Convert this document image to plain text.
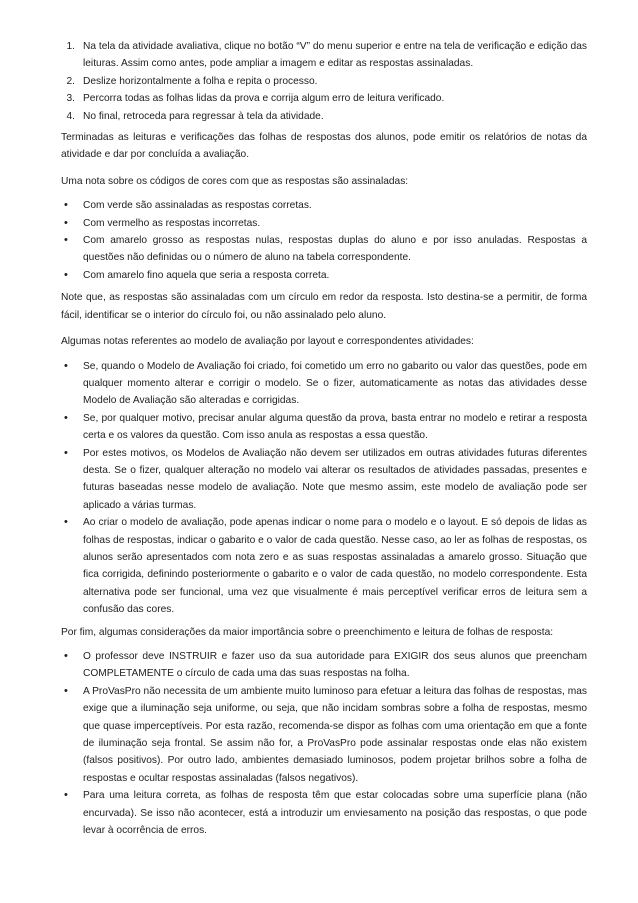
1. Na tela da atividade avaliativa, clique no botão “V” do menu superior e entre na tela de verificação e edição das leituras. Assim como antes, pode ampliar a imagem e editar as respostas assinaladas.
2. Deslize horizontalmente a folha e repita o processo.
3. Percorra todas as folhas lidas da prova e corrija algum erro de leitura verificado.
4. No final, retroceda para regressar à tela da atividade.

Terminadas as leituras e verificações das folhas de respostas dos alunos, pode emitir os relatórios de notas da atividade e dar por concluída a avaliação.

Uma nota sobre os códigos de cores com que as respostas são assinaladas:

• Com verde são assinaladas as respostas corretas.
• Com vermelho as respostas incorretas.
• Com amarelo grosso as respostas nulas, respostas duplas do aluno e por isso anuladas. Respostas a questões não definidas ou o número de aluno na tabela correspondente.
• Com amarelo fino aquela que seria a resposta correta.

Note que, as respostas são assinaladas com um círculo em redor da resposta. Isto destina-se a permitir, de forma fácil, identificar se o interior do círculo foi, ou não assinalado pelo aluno.

Algumas notas referentes ao modelo de avaliação por layout e correspondentes atividades:

• Se, quando o Modelo de Avaliação foi criado, foi cometido um erro no gabarito ou valor das questões, pode em qualquer momento alterar e corrigir o modelo. Se o fizer, automaticamente as notas das atividades desse Modelo de Avaliação são alteradas e corrigidas.
• Se, por qualquer motivo, precisar anular alguma questão da prova, basta entrar no modelo e retirar a resposta certa e os valores da questão. Com isso anula as respostas a essa questão.
• Por estes motivos, os Modelos de Avaliação não devem ser utilizados em outras atividades futuras diferentes desta. Se o fizer, qualquer alteração no modelo vai alterar os resultados de atividades passadas, presentes e futuras baseadas nesse modelo de avaliação. Note que mesmo assim, este modelo de avaliação pode ser aplicado a várias turmas.
• Ao criar o modelo de avaliação, pode apenas indicar o nome para o modelo e o layout. E só depois de lidas as folhas de respostas, indicar o gabarito e o valor de cada questão. Nesse caso, ao ler as folhas de respostas, os alunos serão apresentados com nota zero e as suas respostas assinaladas a amarelo grosso. Situação que fica corrigida, definindo posteriormente o gabarito e o valor de cada questão, no modelo correspondente. Esta alternativa pode ser funcional, uma vez que visualmente é mais perceptível verificar erros de leitura sem a confusão das cores.

Por fim, algumas considerações da maior importância sobre o preenchimento e leitura de folhas de resposta:

• O professor deve INSTRUIR e fazer uso da sua autoridade para EXIGIR dos seus alunos que preencham COMPLETAMENTE o círculo de cada uma das suas respostas na folha.
• A ProVasPro não necessita de um ambiente muito luminoso para efetuar a leitura das folhas de respostas, mas exige que a iluminação seja uniforme, ou seja, que não incidam sombras sobre a folha de respostas, mesmo que quase imperceptíveis. Por esta razão, recomenda-se dispor as folhas com uma orientação em que a fonte de iluminação seja frontal. Se assim não for, a ProVasPro pode assinalar respostas onde elas não existem (falsos positivos). Por outro lado, ambientes demasiado luminosos, podem projetar brilhos sobre a folha de respostas e ocultar respostas assinaladas (falsos negativos).
• Para uma leitura correta, as folhas de resposta têm que estar colocadas sobre uma superfície plana (não encurvada). Se isso não acontecer, está a introduzir um enviesamento na posição das respostas, o que pode levar à ocorrência de erros.
